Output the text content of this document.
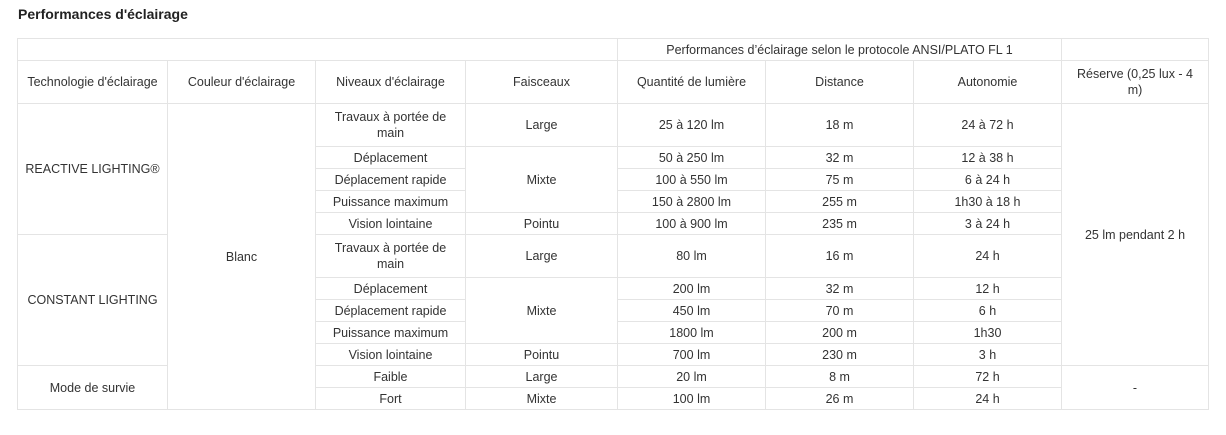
Performances d'éclairage
				Performances d’éclairage selon le protocole ANSI/PLATO FL 1			
Technologie d'éclairage	Couleur d'éclairage	Niveaux d'éclairage	Faisceaux	Quantité de lumière	Distance	Autonomie	Réserve (0,25 lux - 4 m)
REACTIVE LIGHTING®	Blanc	Travaux à portée de main	Large	25 à 120 lm	18 m	24 à 72 h	25 lm pendant 2 h
		Déplacement	Mixte	50 à 250 lm	32 m	12 à 38 h	
		Déplacement rapide		100 à 550 lm	75 m	6 à 24 h	
		Puissance maximum		150 à 2800 lm	255 m	1h30 à 18 h	
		Vision lointaine	Pointu	100 à 900 lm	235 m	3 à 24 h	
CONSTANT LIGHTING		Travaux à portée de main	Large	80 lm	16 m	24 h	
		Déplacement	Mixte	200 lm	32 m	12 h	
		Déplacement rapide		450 lm	70 m	6 h	
		Puissance maximum		1800 lm	200 m	1h30	
		Vision lointaine	Pointu	700 lm	230 m	3 h	
Mode de survie		Faible	Large	20 lm	8 m	72 h	-
		Fort	Mixte	100 lm	26 m	24 h	
